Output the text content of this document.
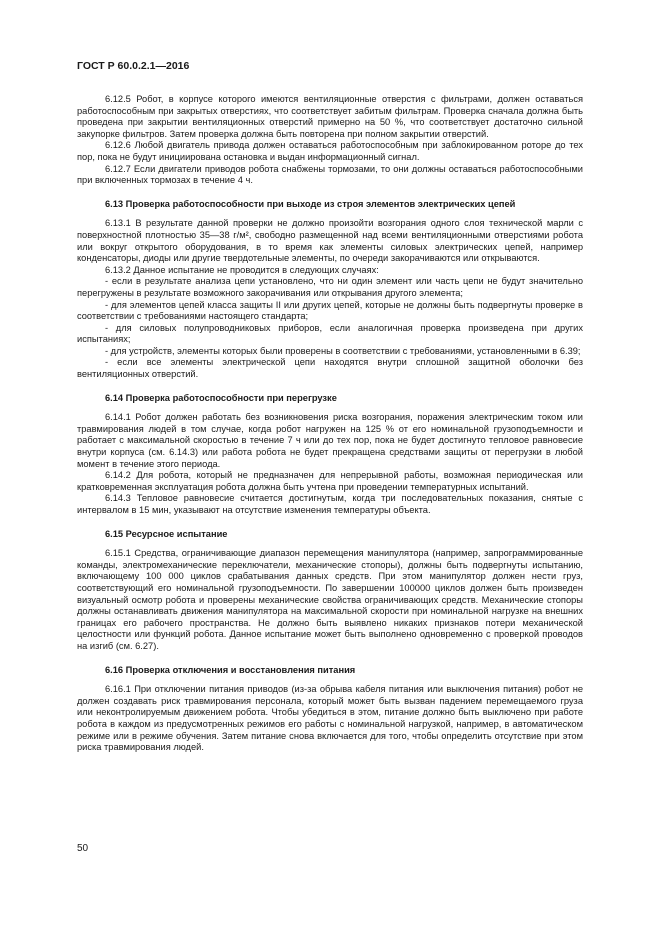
ГОСТ Р 60.0.2.1—2016

6.12.5 Робот, в корпусе которого имеются вентиляционные отверстия с фильтрами, должен оставаться работоспособным при закрытых отверстиях, что соответствует забитым фильтрам. Проверка сначала должна быть проведена при закрытии вентиляционных отверстий примерно на 50 %, что соответствует достаточно сильной закупорке фильтров. Затем проверка должна быть повторена при полном закрытии отверстий.

6.12.6 Любой двигатель привода должен оставаться работоспособным при заблокированном роторе до тех пор, пока не будут инициирована остановка и выдан информационный сигнал.

6.12.7 Если двигатели приводов робота снабжены тормозами, то они должны оставаться работоспособными при включенных тормозах в течение 4 ч.

6.13 Проверка работоспособности при выходе из строя элементов электрических цепей

6.13.1 В результате данной проверки не должно произойти возгорания одного слоя технической марли с поверхностной плотностью 35—38 г/м², свободно размещенной над всеми вентиляционными отверстиями робота или вокруг открытого оборудования, в то время как элементы силовых электрических цепей, например конденсаторы, диоды или другие твердотельные элементы, по очереди закорачиваются или открываются.

6.13.2 Данное испытание не проводится в следующих случаях:

- если в результате анализа цепи установлено, что ни один элемент или часть цепи не будут значительно перегружены в результате возможного закорачивания или открывания другого элемента;

- для элементов цепей класса защиты II или других цепей, которые не должны быть подвергнуты проверке в соответствии с требованиями настоящего стандарта;

- для силовых полупроводниковых приборов, если аналогичная проверка произведена при других испытаниях;

- для устройств, элементы которых были проверены в соответствии с требованиями, установленными в 6.39;

- если все элементы электрической цепи находятся внутри сплошной защитной оболочки без вентиляционных отверстий.

6.14 Проверка работоспособности при перегрузке

6.14.1 Робот должен работать без возникновения риска возгорания, поражения электрическим током или травмирования людей в том случае, когда робот нагружен на 125 % от его номинальной грузоподъемности и работает с максимальной скоростью в течение 7 ч или до тех пор, пока не будет достигнуто тепловое равновесие внутри корпуса (см. 6.14.3) или работа робота не будет прекращена средствами защиты от перегрузки в любой момент в течение этого периода.

6.14.2 Для робота, который не предназначен для непрерывной работы, возможная периодическая или кратковременная эксплуатация робота должна быть учтена при проведении температурных испытаний.

6.14.3 Тепловое равновесие считается достигнутым, когда три последовательных показания, снятые с интервалом в 15 мин, указывают на отсутствие изменения температуры объекта.

6.15 Ресурсное испытание

6.15.1 Средства, ограничивающие диапазон перемещения манипулятора (например, запрограммированные команды, электромеханические переключатели, механические стопоры), должны быть подвергнуты испытанию, включающему 100 000 циклов срабатывания данных средств. При этом манипулятор должен нести груз, соответствующий его номинальной грузоподъемности. По завершении 100000 циклов должен быть произведен визуальный осмотр робота и проверены механические свойства ограничивающих средств. Механические стопоры должны останавливать движения манипулятора на максимальной скорости при номинальной нагрузке на внешних границах его рабочего пространства. Не должно быть выявлено никаких признаков потери механической целостности или функций робота. Данное испытание может быть выполнено одновременно с проверкой проводов на изгиб (см. 6.27).

6.16 Проверка отключения и восстановления питания

6.16.1 При отключении питания приводов (из-за обрыва кабеля питания или выключения питания) робот не должен создавать риск травмирования персонала, который может быть вызван падением перемещаемого груза или неконтролируемым движением робота. Чтобы убедиться в этом, питание должно быть выключено при работе робота в каждом из предусмотренных режимов его работы с номинальной нагрузкой, например, в автоматическом режиме или в режиме обучения. Затем питание снова включается для того, чтобы определить отсутствие при этом риска травмирования людей.

50
